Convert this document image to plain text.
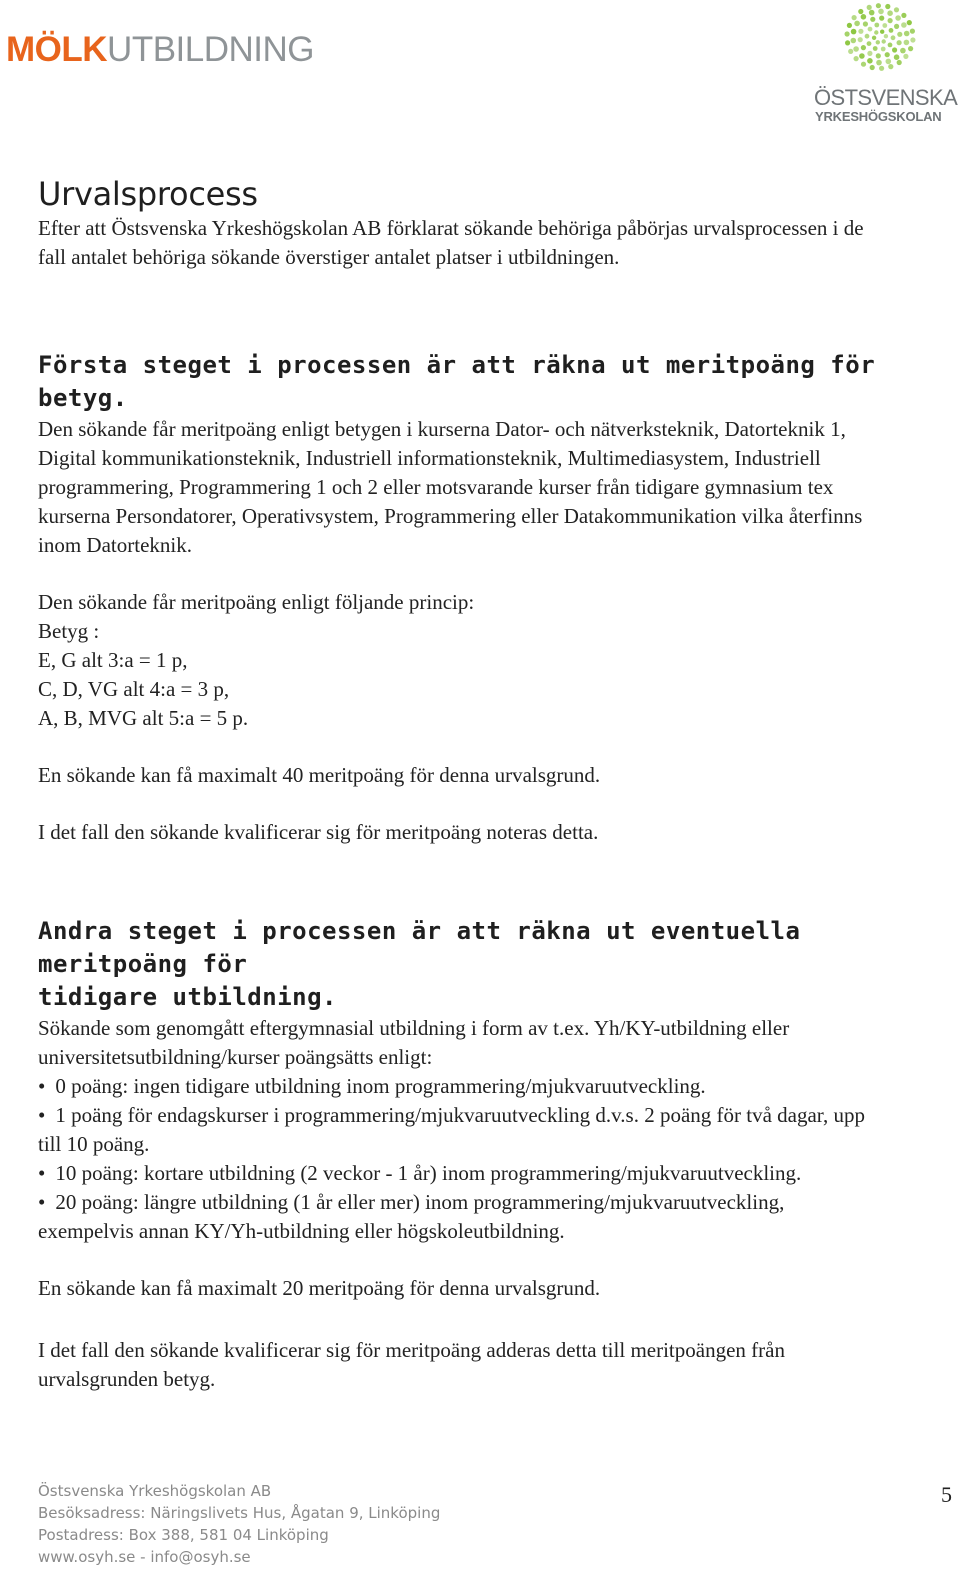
MÖLKUTBILDNING
ÖSTSVENSKA
YRKESHÖGSKOLAN
Urvalsprocess

Efter att Östsvenska Yrkeshögskolan AB förklarat sökande behöriga påbörjas urvalsprocessen i de

fall antalet behöriga sökande överstiger antalet platser i utbildningen.

Första steget i processen är att räkna ut meritpoäng för betyg.

Den sökande får meritpoäng enligt betygen i kurserna Dator- och nätverksteknik, Datorteknik 1,

Digital kommunikationsteknik, Industriell informationsteknik, Multimediasystem, Industriell

programmering, Programmering 1 och 2 eller motsvarande kurser från tidigare gymnasium tex

kurserna Persondatorer, Operativsystem, Programmering eller Datakommunikation vilka återfinns

inom Datorteknik.

Den sökande får meritpoäng enligt följande princip:

Betyg :

E, G alt 3:a = 1 p,

C, D, VG alt 4:a = 3 p,

A, B, MVG alt 5:a = 5 p.

En sökande kan få maximalt 40 meritpoäng för denna urvalsgrund.

I det fall den sökande kvalificerar sig för meritpoäng noteras detta.

Andra steget i processen är att räkna ut eventuella meritpoäng för
tidigare utbildning.

Sökande som genomgått eftergymnasial utbildning i form av t.ex. Yh/KY-utbildning eller

universitetsutbildning/kurser poängsätts enligt:

• 0 poäng: ingen tidigare utbildning inom programmering/mjukvaruutveckling.

• 1 poäng för endagskurser i programmering/mjukvaruutveckling d.v.s. 2 poäng för två dagar, upp

till 10 poäng.

• 10 poäng: kortare utbildning (2 veckor - 1 år) inom programmering/mjukvaruutveckling.

• 20 poäng: längre utbildning (1 år eller mer) inom programmering/mjukvaruutveckling,

exempelvis annan KY/Yh-utbildning eller högskoleutbildning.

En sökande kan få maximalt 20 meritpoäng för denna urvalsgrund.

I det fall den sökande kvalificerar sig för meritpoäng adderas detta till meritpoängen från

urvalsgrunden betyg.

Östsvenska Yrkeshögskolan AB
Besöksadress: Näringslivets Hus, Ågatan 9, Linköping
Postadress: Box 388, 581 04 Linköping
www.osyh.se - info@osyh.se
5
